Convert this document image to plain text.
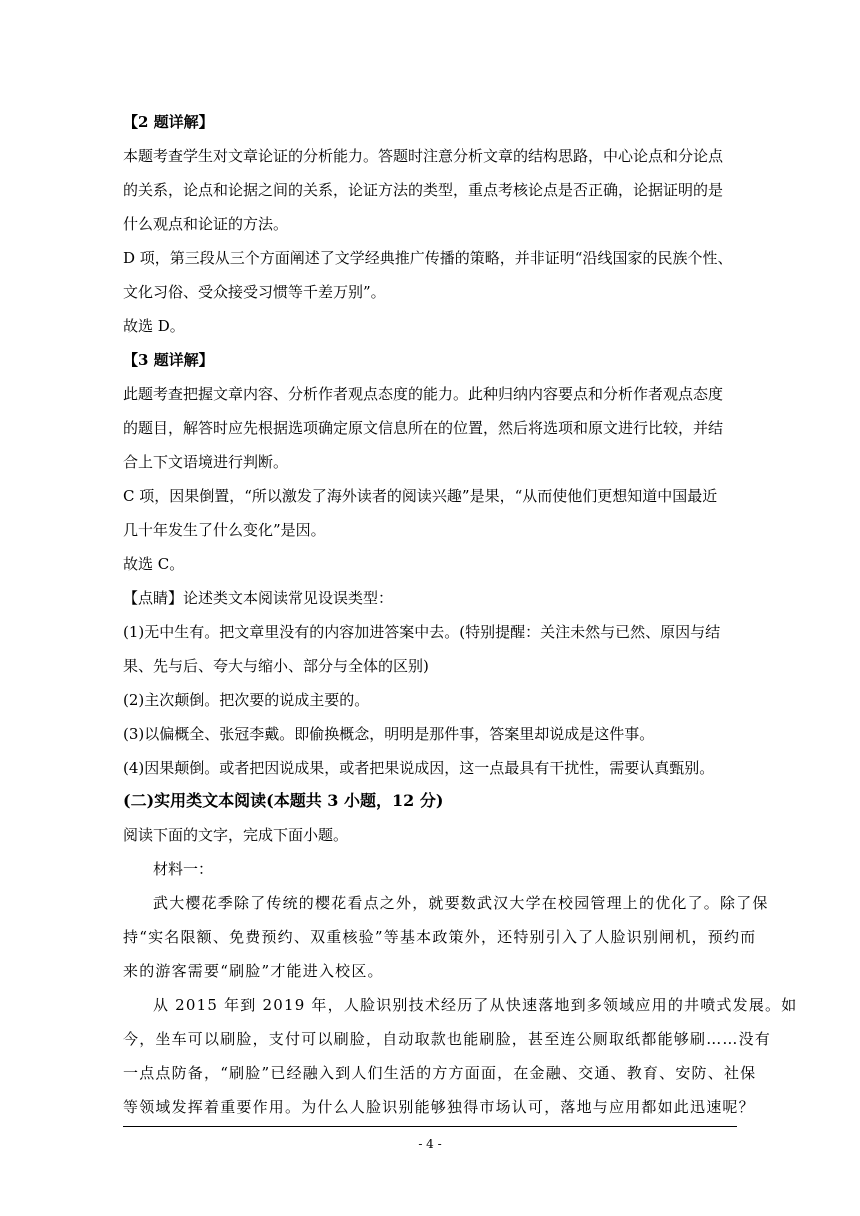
【2 题详解】
本题考查学生对文章论证的分析能力。答题时注意分析文章的结构思路，中心论点和分论点
的关系，论点和论据之间的关系，论证方法的类型，重点考核论点是否正确，论据证明的是
什么观点和论证的方法。
D 项，第三段从三个方面阐述了文学经典推广传播的策略，并非证明“沿线国家的民族个性、
文化习俗、受众接受习惯等千差万别”。
故选 D。
【3 题详解】
此题考查把握文章内容、分析作者观点态度的能力。此种归纳内容要点和分析作者观点态度
的题目，解答时应先根据选项确定原文信息所在的位置，然后将选项和原文进行比较，并结
合上下文语境进行判断。
C 项，因果倒置，“所以激发了海外读者的阅读兴趣”是果，“从而使他们更想知道中国最近
几十年发生了什么变化”是因。
故选 C。
【点睛】论述类文本阅读常见设误类型：
(1)无中生有。把文章里没有的内容加进答案中去。(特别提醒：关注未然与已然、原因与结
果、先与后、夸大与缩小、部分与全体的区别)
(2)主次颠倒。把次要的说成主要的。
(3)以偏概全、张冠李戴。即偷换概念，明明是那件事，答案里却说成是这件事。
(4)因果颠倒。或者把因说成果，或者把果说成因，这一点最具有干扰性，需要认真甄别。
(二)实用类文本阅读(本题共 3 小题，12 分)
阅读下面的文字，完成下面小题。
材料一：
武大樱花季除了传统的樱花看点之外，就要数武汉大学在校园管理上的优化了。除了保
持“实名限额、免费预约、双重核验”等基本政策外，还特别引入了人脸识别闸机，预约而
来的游客需要“刷脸”才能进入校区。
从 2015 年到 2019 年，人脸识别技术经历了从快速落地到多领域应用的井喷式发展。如
今，坐车可以刷脸，支付可以刷脸，自动取款也能刷脸，甚至连公厕取纸都能够刷……没有
一点点防备，“刷脸”已经融入到人们生活的方方面面，在金融、交通、教育、安防、社保
等领域发挥着重要作用。为什么人脸识别能够独得市场认可，落地与应用都如此迅速呢？
- 4 -
